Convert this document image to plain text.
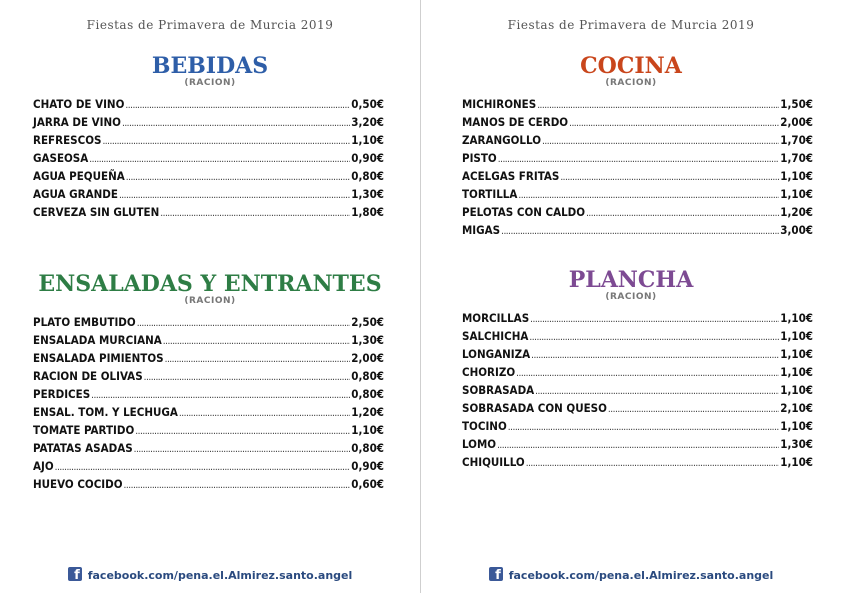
Fiestas de Primavera de Murcia 2019
BEBIDAS
(RACION)
CHATO DE VINO .....	0,50€
JARRA DE VINO .....	3,20€
REFRESCOS .....	1,10€
GASEOSA .....	0,90€
AGUA PEQUEÑA .....	0,80€
AGUA GRANDE .....	1,30€
CERVEZA SIN GLUTEN .....	1,80€
ENSALADAS Y ENTRANTES
(RACION)
PLATO EMBUTIDO .....	2,50€
ENSALADA MURCIANA .....	1,30€
ENSALADA PIMIENTOS .....	2,00€
RACION DE OLIVAS .....	0,80€
PERDICES .....	0,80€
ENSAL. TOM. Y LECHUGA .....	1,20€
TOMATE PARTIDO .....	1,10€
PATATAS ASADAS .....	0,80€
AJO .....	0,90€
HUEVO COCIDO .....	0,60€
f facebook.com/pena.el.Almirez.santo.angel
Fiestas de Primavera de Murcia 2019
COCINA
(RACION)
MICHIRONES .....	1,50€
MANOS DE CERDO .....	2,00€
ZARANGOLLO .....	1,70€
PISTO .....	1,70€
ACELGAS FRITAS .....	1,10€
TORTILLA .....	1,10€
PELOTAS CON CALDO .....	1,20€
MIGAS .....	3,00€
PLANCHA
(RACION)
MORCILLAS .....	1,10€
SALCHICHA .....	1,10€
LONGANIZA .....	1,10€
CHORIZO .....	1,10€
SOBRASADA .....	1,10€
SOBRASADA CON QUESO .....	2,10€
TOCINO .....	1,10€
LOMO .....	1,30€
CHIQUILLO .....	1,10€
f facebook.com/pena.el.Almirez.santo.angel
